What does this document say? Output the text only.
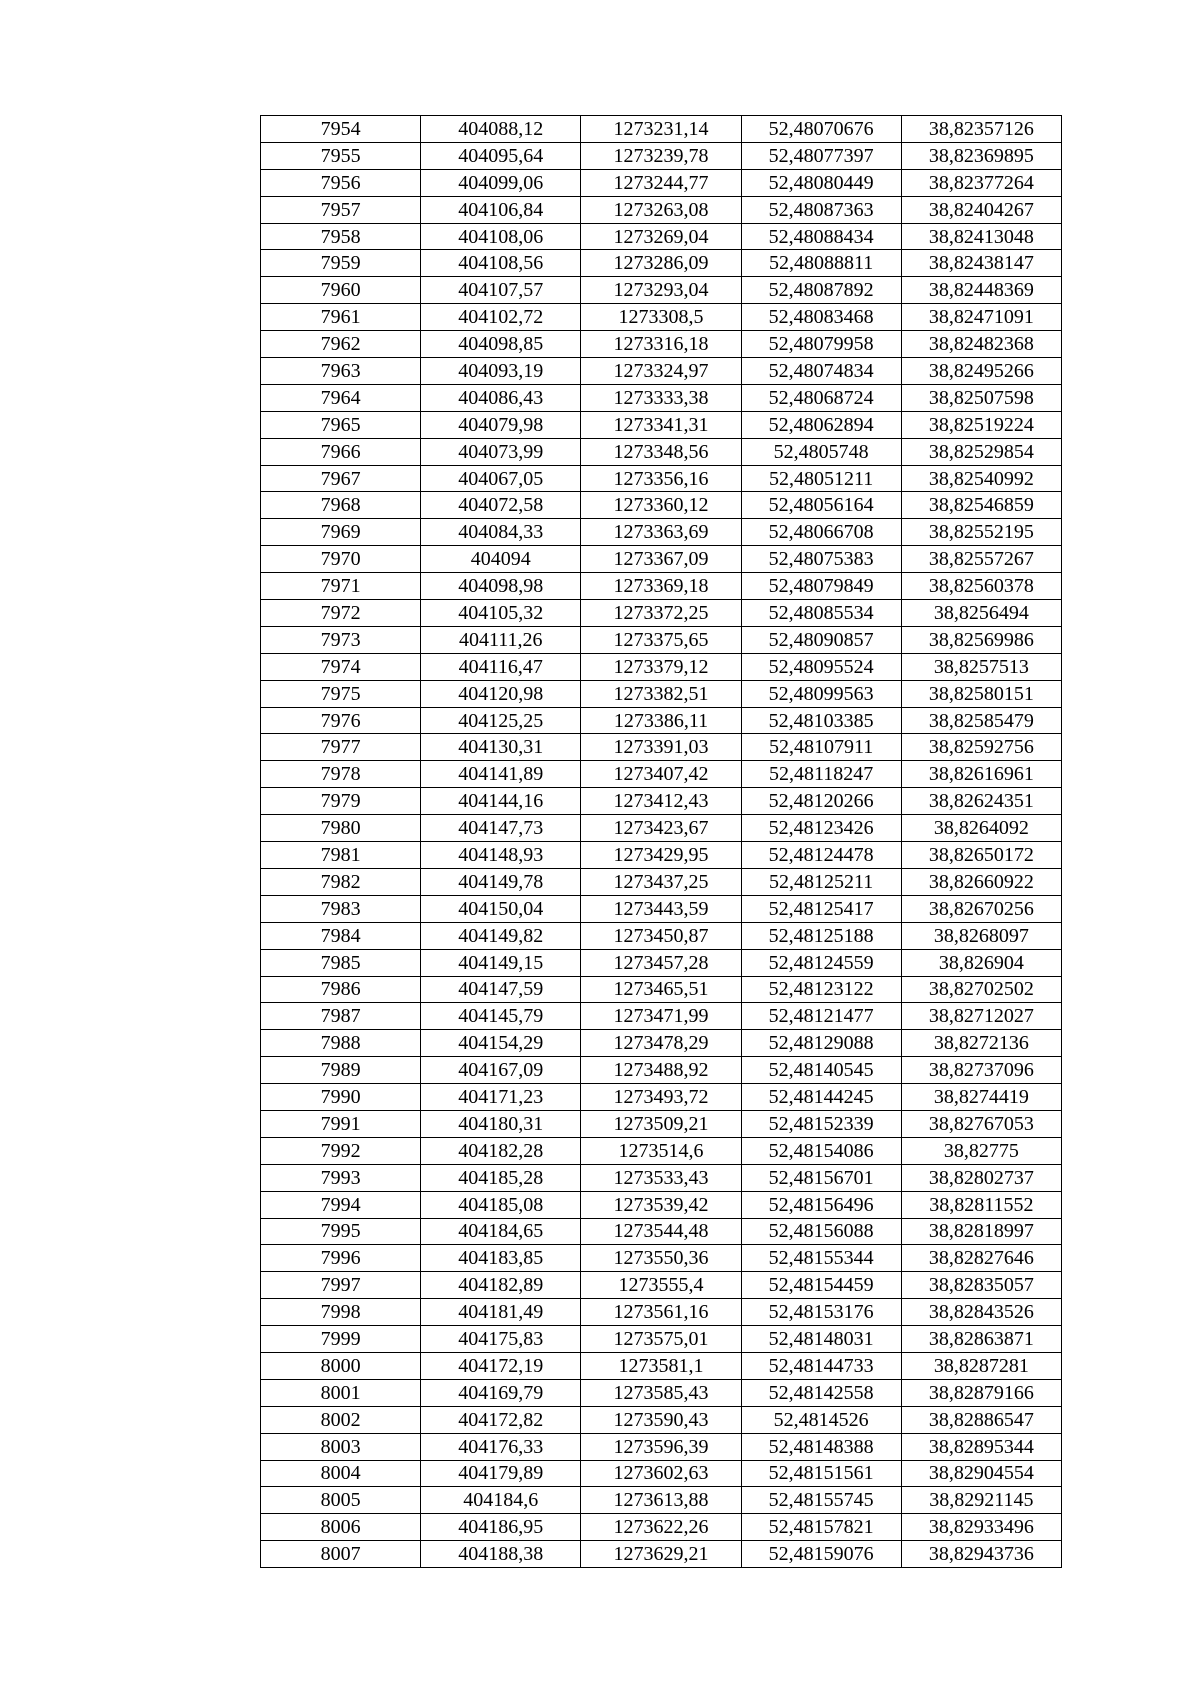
7954	404088,12	1273231,14	52,48070676	38,82357126
7955	404095,64	1273239,78	52,48077397	38,82369895
7956	404099,06	1273244,77	52,48080449	38,82377264
7957	404106,84	1273263,08	52,48087363	38,82404267
7958	404108,06	1273269,04	52,48088434	38,82413048
7959	404108,56	1273286,09	52,48088811	38,82438147
7960	404107,57	1273293,04	52,48087892	38,82448369
7961	404102,72	1273308,5	52,48083468	38,82471091
7962	404098,85	1273316,18	52,48079958	38,82482368
7963	404093,19	1273324,97	52,48074834	38,82495266
7964	404086,43	1273333,38	52,48068724	38,82507598
7965	404079,98	1273341,31	52,48062894	38,82519224
7966	404073,99	1273348,56	52,4805748	38,82529854
7967	404067,05	1273356,16	52,48051211	38,82540992
7968	404072,58	1273360,12	52,48056164	38,82546859
7969	404084,33	1273363,69	52,48066708	38,82552195
7970	404094	1273367,09	52,48075383	38,82557267
7971	404098,98	1273369,18	52,48079849	38,82560378
7972	404105,32	1273372,25	52,48085534	38,8256494
7973	404111,26	1273375,65	52,48090857	38,82569986
7974	404116,47	1273379,12	52,48095524	38,8257513
7975	404120,98	1273382,51	52,48099563	38,82580151
7976	404125,25	1273386,11	52,48103385	38,82585479
7977	404130,31	1273391,03	52,48107911	38,82592756
7978	404141,89	1273407,42	52,48118247	38,82616961
7979	404144,16	1273412,43	52,48120266	38,82624351
7980	404147,73	1273423,67	52,48123426	38,8264092
7981	404148,93	1273429,95	52,48124478	38,82650172
7982	404149,78	1273437,25	52,48125211	38,82660922
7983	404150,04	1273443,59	52,48125417	38,82670256
7984	404149,82	1273450,87	52,48125188	38,8268097
7985	404149,15	1273457,28	52,48124559	38,826904
7986	404147,59	1273465,51	52,48123122	38,82702502
7987	404145,79	1273471,99	52,48121477	38,82712027
7988	404154,29	1273478,29	52,48129088	38,8272136
7989	404167,09	1273488,92	52,48140545	38,82737096
7990	404171,23	1273493,72	52,48144245	38,8274419
7991	404180,31	1273509,21	52,48152339	38,82767053
7992	404182,28	1273514,6	52,48154086	38,82775
7993	404185,28	1273533,43	52,48156701	38,82802737
7994	404185,08	1273539,42	52,48156496	38,82811552
7995	404184,65	1273544,48	52,48156088	38,82818997
7996	404183,85	1273550,36	52,48155344	38,82827646
7997	404182,89	1273555,4	52,48154459	38,82835057
7998	404181,49	1273561,16	52,48153176	38,82843526
7999	404175,83	1273575,01	52,48148031	38,82863871
8000	404172,19	1273581,1	52,48144733	38,8287281
8001	404169,79	1273585,43	52,48142558	38,82879166
8002	404172,82	1273590,43	52,4814526	38,82886547
8003	404176,33	1273596,39	52,48148388	38,82895344
8004	404179,89	1273602,63	52,48151561	38,82904554
8005	404184,6	1273613,88	52,48155745	38,82921145
8006	404186,95	1273622,26	52,48157821	38,82933496
8007	404188,38	1273629,21	52,48159076	38,82943736
